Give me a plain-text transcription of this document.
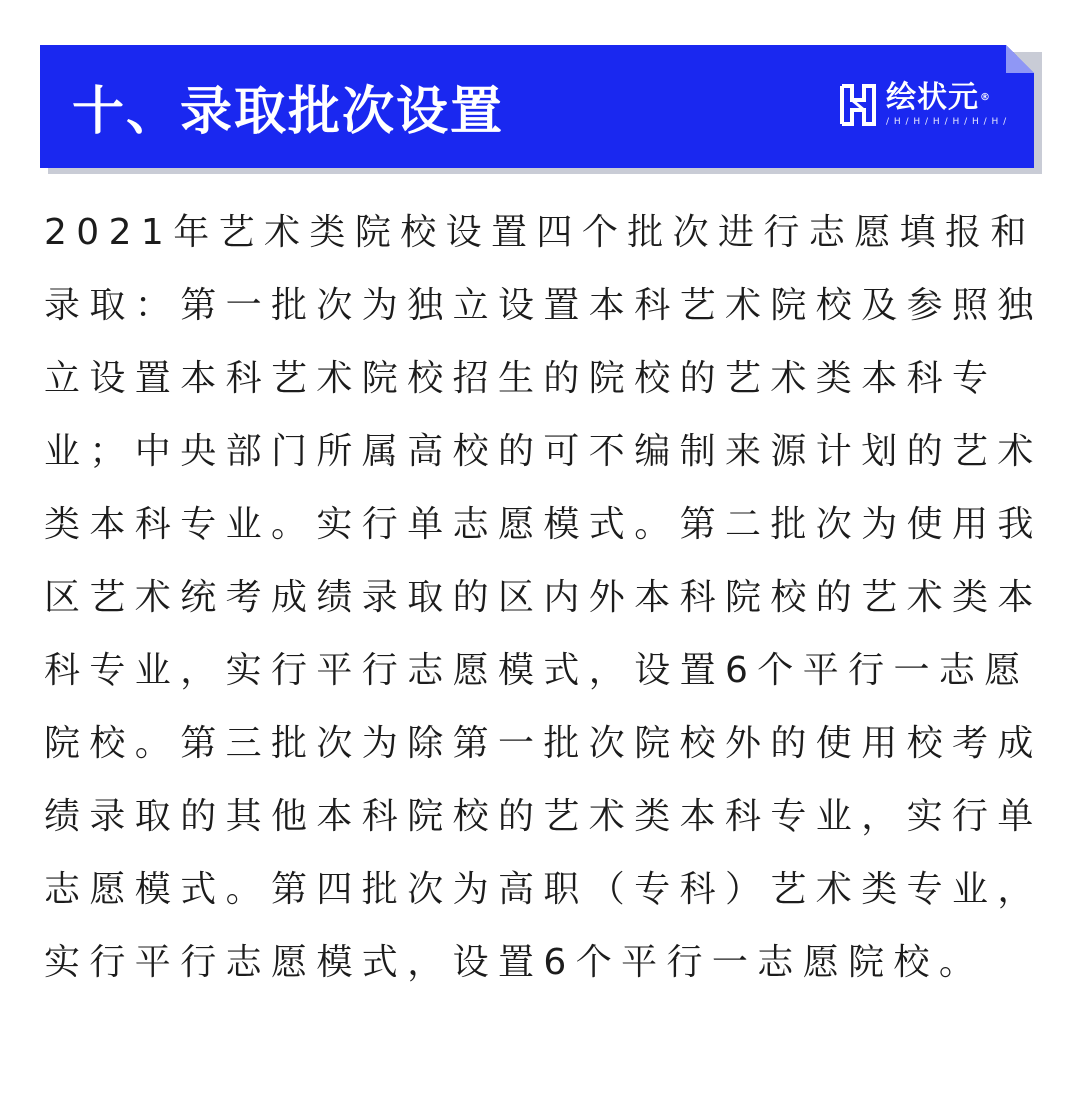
十、录取批次设置	绘状元®
/ H / H / H / H / H / H /

2021年艺术类院校设置四个批次进行志愿填报和录取：第一批次为独立设置本科艺术院校及参照独立设置本科艺术院校招生的院校的艺术类本科专业；中央部门所属高校的可不编制来源计划的艺术类本科专业。实行单志愿模式。第二批次为使用我区艺术统考成绩录取的区内外本科院校的艺术类本科专业，实行平行志愿模式，设置6个平行一志愿院校。第三批次为除第一批次院校外的使用校考成绩录取的其他本科院校的艺术类本科专业，实行单志愿模式。第四批次为高职（专科）艺术类专业，实行平行志愿模式，设置6个平行一志愿院校。
